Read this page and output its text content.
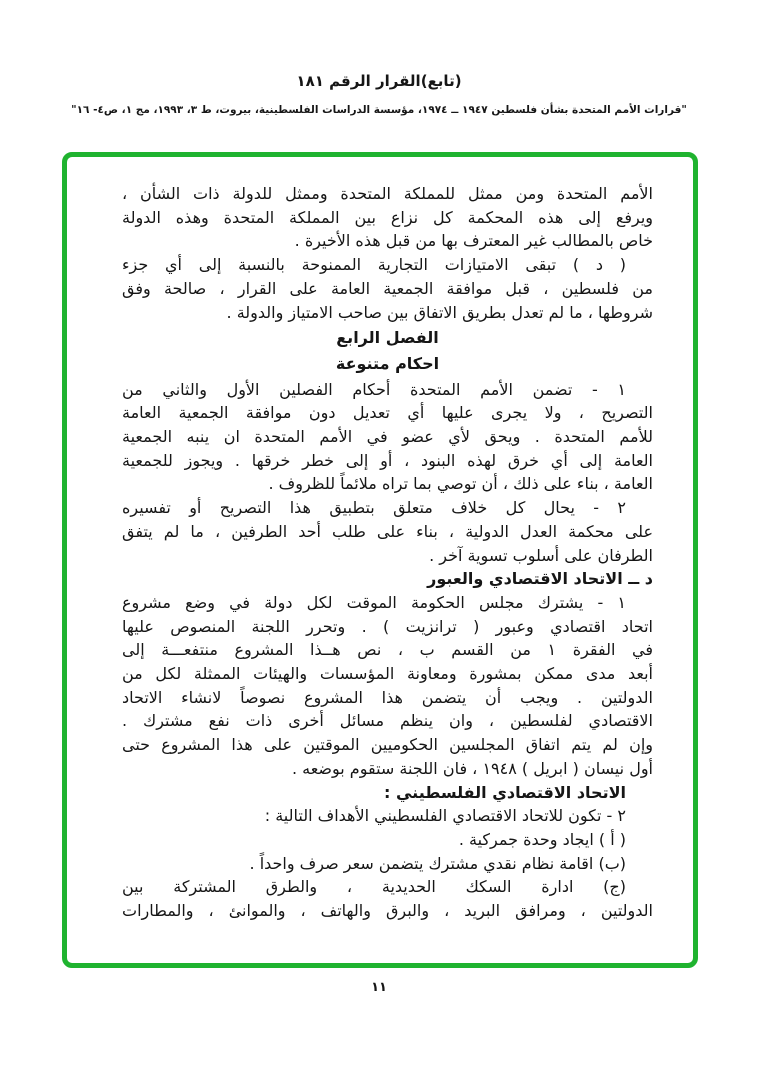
(تابع)القرار الرقم ١٨١
"قرارات الأمم المتحدة بشأن فلسطين ١٩٤٧ ــ ١٩٧٤، مؤسسة الدراسات الفلسطينية، بيروت، ط ٣، ١٩٩٣، مج ١، ص٤- ١٦"
الأمم المتحدة ومن ممثل للمملكة المتحدة وممثل للدولة ذات الشأن ،
ويرفع إلى هذه المحكمة كل نزاع بين المملكة المتحدة وهذه الدولة
خاص بالمطالب غير المعترف بها من قبل هذه الأخيرة .
( د ) تبقى الامتيازات التجارية الممنوحة بالنسبة إلى أي جزء
من فلسطين ، قبل موافقة الجمعية العامة على القرار ، صالحة وفق
شروطها ، ما لم تعدل بطريق الاتفاق بين صاحب الامتياز والدولة .
الفصل الرابع
احكام متنوعة
١ - تضمن الأمم المتحدة أحكام الفصلين الأول والثاني من
التصريح ، ولا يجرى عليها أي تعديل دون موافقة الجمعية العامة
للأمم المتحدة . ويحق لأي عضو في الأمم المتحدة ان ينبه الجمعية
العامة إلى أي خرق لهذه البنود ، أو إلى خطر خرقها . ويجوز للجمعية
العامة ، بناء على ذلك ، أن توصي بما تراه ملائماً للظروف .
٢ - يحال كل خلاف متعلق بتطبيق هذا التصريح أو تفسيره
على محكمة العدل الدولية ، بناء على طلب أحد الطرفين ، ما لم يتفق
الطرفان على أسلوب تسوية آخر .
د ــ الاتحاد الاقتصادي والعبور
١ - يشترك مجلس الحكومة الموقت لكل دولة في وضع مشروع
اتحاد اقتصادي وعبور ( ترانزيت ) . وتحرر اللجنة المنصوص عليها
في الفقرة ١ من القسم ب ، نص هــذا المشروع منتفعـــة إلى
أبعد مدى ممكن بمشورة ومعاونة المؤسسات والهيئات الممثلة لكل من
الدولتين . ويجب أن يتضمن هذا المشروع نصوصاً لانشاء الاتحاد
الاقتصادي لفلسطين ، وان ينظم مسائل أخرى ذات نفع مشترك .
وإن لم يتم اتفاق المجلسين الحكوميين الموقتين على هذا المشروع حتى
أول نيسان ( ابريل ) ١٩٤٨ ، فان اللجنة ستقوم بوضعه .
الاتحاد الاقتصادي الفلسطيني :
٢ - تكون للاتحاد الاقتصادي الفلسطيني الأهداف التالية :
( أ ) ايجاد وحدة جمركية .
(ب) اقامة نظام نقدي مشترك يتضمن سعر صرف واحداً .
(ج) ادارة السكك الحديدية ، والطرق المشتركة بين
الدولتين ، ومرافق البريد ، والبرق والهاتف ، والموانئ ، والمطارات
١١
